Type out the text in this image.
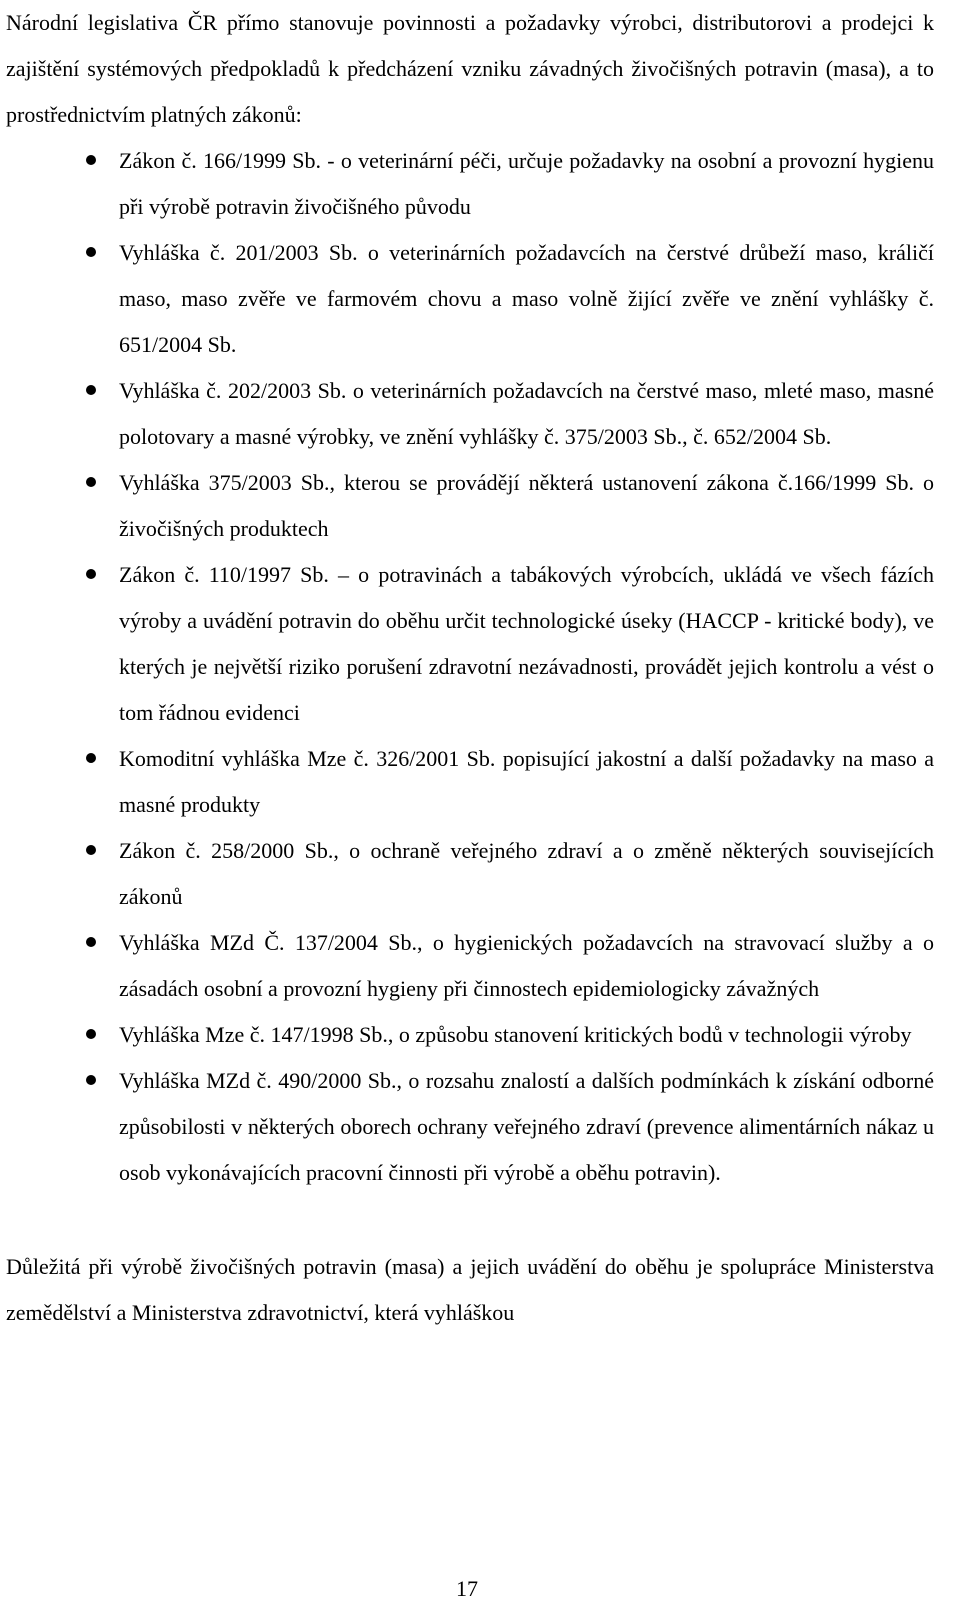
Národní legislativa ČR přímo stanovuje povinnosti a požadavky výrobci, distributorovi a prodejci k zajištění systémových předpokladů k předcházení vzniku závadných živočišných potravin (masa), a to prostřednictvím platných zákonů:

Zákon č. 166/1999 Sb. - o veterinární péči, určuje požadavky na osobní a provozní hygienu při výrobě potravin živočišného původu
Vyhláška č. 201/2003 Sb. o veterinárních požadavcích na čerstvé drůbeží maso, králičí maso, maso zvěře ve farmovém chovu a maso volně žijící zvěře ve znění vyhlášky č. 651/2004 Sb.
Vyhláška č. 202/2003 Sb. o veterinárních požadavcích na čerstvé maso, mleté maso, masné polotovary a masné výrobky, ve znění vyhlášky č. 375/2003 Sb., č. 652/2004 Sb.
Vyhláška 375/2003 Sb., kterou se provádějí některá ustanovení zákona č.166/1999 Sb. o živočišných produktech
Zákon č. 110/1997 Sb. – o potravinách a tabákových výrobcích, ukládá ve všech fázích výroby a uvádění potravin do oběhu určit technologické úseky (HACCP - kritické body), ve kterých je největší riziko porušení zdravotní nezávadnosti, provádět jejich kontrolu a vést o tom řádnou evidenci
Komoditní vyhláška Mze č. 326/2001 Sb. popisující jakostní a další požadavky na maso a masné produkty
Zákon č. 258/2000 Sb., o ochraně veřejného zdraví a o změně některých souvisejících zákonů
Vyhláška MZd Č. 137/2004 Sb., o hygienických požadavcích na stravovací služby a o zásadách osobní a provozní hygieny při činnostech epidemiologicky závažných
Vyhláška Mze č. 147/1998 Sb., o způsobu stanovení kritických bodů v technologii výroby
Vyhláška MZd č. 490/2000 Sb., o rozsahu znalostí a dalších podmínkách k získání odborné způsobilosti v některých oborech ochrany veřejného zdraví (prevence alimentárních nákaz u osob vykonávajících pracovní činnosti při výrobě a oběhu potravin).

Důležitá při výrobě živočišných potravin (masa) a jejich uvádění do oběhu je spolupráce Ministerstva zemědělství a Ministerstva zdravotnictví, která vyhláškou

17
